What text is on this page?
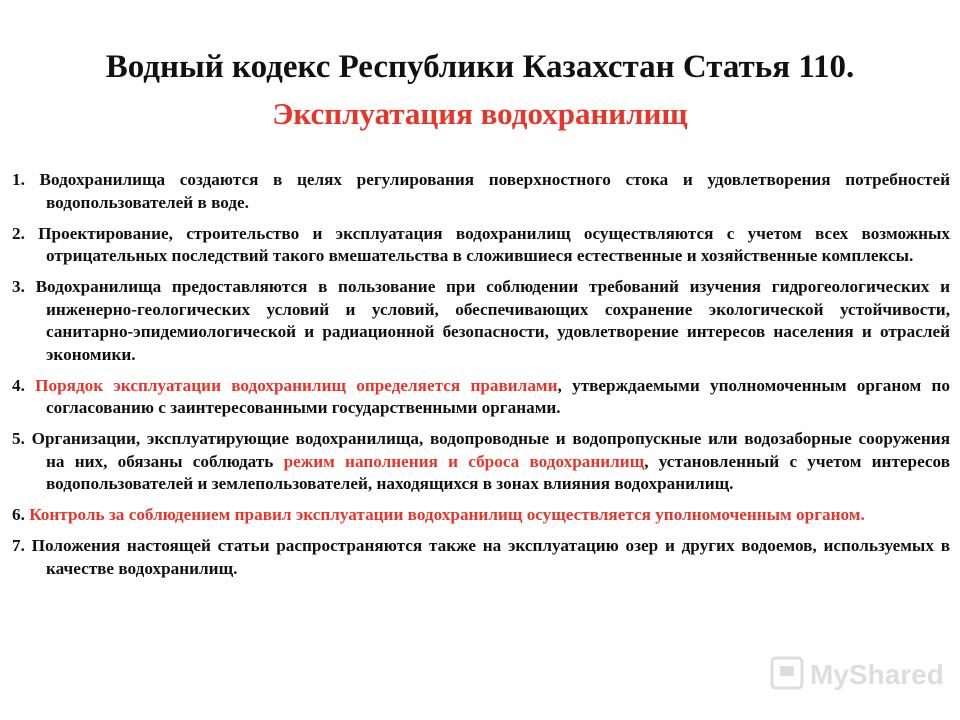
Водный кодекс Республики Казахстан Статья 110.
Эксплуатация водохранилищ

1. Водохранилища создаются в целях регулирования поверхностного стока и удовлетворения потребностей водопользователей в воде.

2. Проектирование, строительство и эксплуатация водохранилищ осуществляются с учетом всех возможных отрицательных последствий такого вмешательства в сложившиеся естественные и хозяйственные комплексы.

3. Водохранилища предоставляются в пользование при соблюдении требований изучения гидрогеологических и инженерно-геологических условий и условий, обеспечивающих сохранение экологической устойчивости, санитарно-эпидемиологической и радиационной безопасности, удовлетворение интересов населения и отраслей экономики.

4. Порядок эксплуатации водохранилищ определяется правилами, утверждаемыми уполномоченным органом по согласованию с заинтересованными государственными органами.

5. Организации, эксплуатирующие водохранилища, водопроводные и водопропускные или водозаборные сооружения на них, обязаны соблюдать режим наполнения и сброса водохранилищ, установленный с учетом интересов водопользователей и землепользователей, находящихся в зонах влияния водохранилищ.

6. Контроль за соблюдением правил эксплуатации водохранилищ осуществляется уполномоченным органом.

7. Положения настоящей статьи распространяются также на эксплуатацию озер и других водоемов, используемых в качестве водохранилищ.

MyShared
